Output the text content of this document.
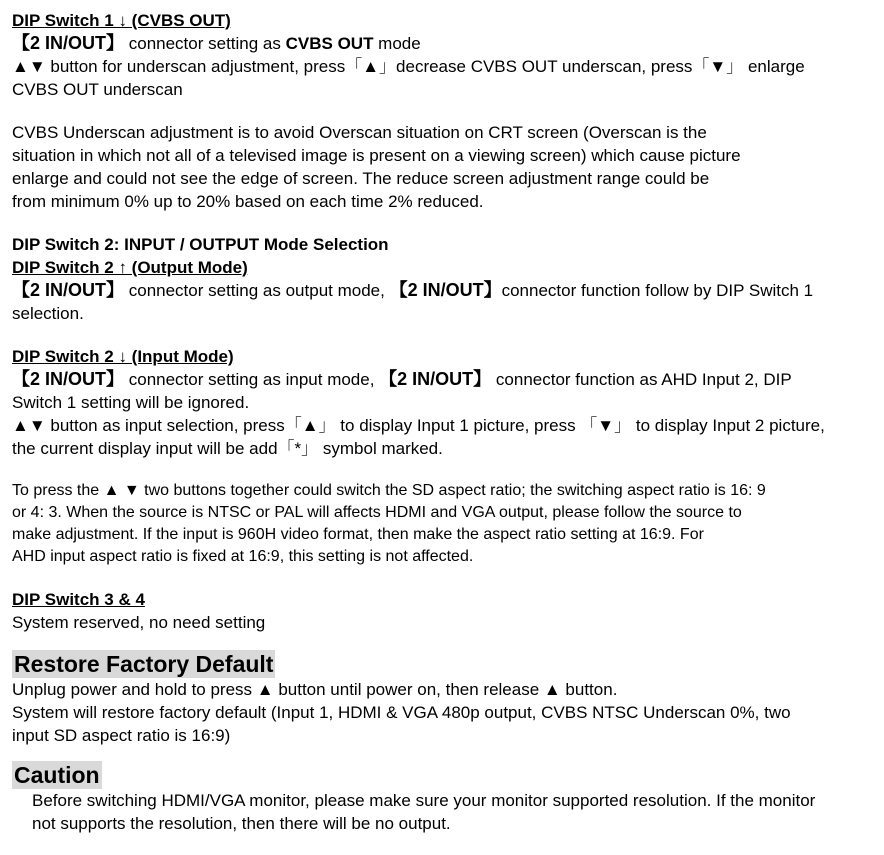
DIP Switch 1 ↓ (CVBS OUT)

【2 IN/OUT】 connector setting as CVBS OUT mode

▲▼ button for underscan adjustment, press「▲」decrease CVBS OUT underscan, press「▼」 enlarge

CVBS OUT underscan

CVBS Underscan adjustment is to avoid Overscan situation on CRT screen (Overscan is the

situation in which not all of a televised image is present on a viewing screen) which cause picture

enlarge and could not see the edge of screen. The reduce screen adjustment range could be

from minimum 0% up to 20% based on each time 2% reduced.

DIP Switch 2: INPUT / OUTPUT Mode Selection

DIP Switch 2 ↑ (Output Mode)

【2 IN/OUT】 connector setting as output mode, 【2 IN/OUT】connector function follow by DIP Switch 1

selection.

DIP Switch 2 ↓ (Input Mode)

【2 IN/OUT】 connector setting as input mode, 【2 IN/OUT】 connector function as AHD Input 2, DIP

Switch 1 setting will be ignored.

▲▼ button as input selection, press「▲」 to display Input 1 picture, press 「▼」 to display Input 2 picture,

the current display input will be add「*」 symbol marked.

To press the ▲ ▼ two buttons together could switch the SD aspect ratio; the switching aspect ratio is 16: 9

or 4: 3. When the source is NTSC or PAL will affects HDMI and VGA output, please follow the source to

make adjustment. If the input is 960H video format, then make the aspect ratio setting at 16:9. For

AHD input aspect ratio is fixed at 16:9, this setting is not affected.

DIP Switch 3 & 4

System reserved, no need setting

Restore Factory Default

Unplug power and hold to press ▲ button until power on, then release ▲ button.

System will restore factory default (Input 1, HDMI & VGA 480p output, CVBS NTSC Underscan 0%, two

input SD aspect ratio is 16:9)

Caution

Before switching HDMI/VGA monitor, please make sure your monitor supported resolution. If the monitor

not supports the resolution, then there will be no output.
